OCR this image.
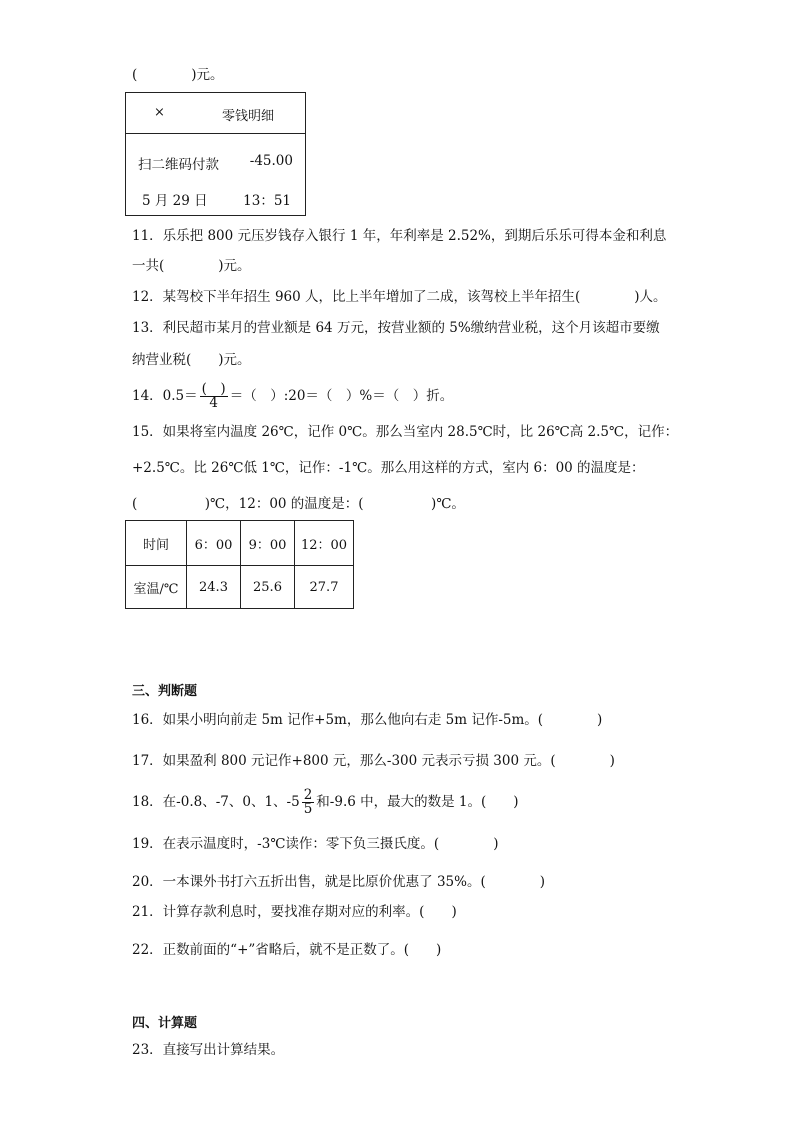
(　　　　)元。
×	零钱明细
扫二维码付款 -45.00
5 月 29 日	13：51
11．乐乐把 800 元压岁钱存入银行 1 年，年利率是 2.52%，到期后乐乐可得本金和利息
一共(　　　　)元。
12．某驾校下半年招生 960 人，比上半年增加了二成，该驾校上半年招生(　　　　)人。
13．利民超市某月的营业额是 64 万元，按营业额的 5%缴纳营业税，这个月该超市要缴
纳营业税(　　)元。
14．$0.5= \frac{( )}{4}$ ＝（　）:20＝（　）%＝（　）折。
15．如果将室内温度 26℃，记作 0℃。那么当室内 28.5℃时，比 26℃高 2.5℃，记作：
+2.5℃。比 26℃低 1℃，记作：-1℃。那么用这样的方式，室内 6：00 的温度是：
(　　　　　)℃，12：00 的温度是：(　　　　　)℃。
时间	6：00	9：00	12：00
室温/℃	24.3	25.6	27.7
三、判断题
16．如果小明向前走 5m 记作+5m，那么他向右走 5m 记作-5m。(　　　　)
17．如果盈利 800 元记作+800 元，那么-300 元表示亏损 300 元。(　　　　)
18．在-0.8、-7、0、1、$-5 \frac{2}{5}$ 和-9.6 中，最大的数是 1。(　　)
19．在表示温度时，-3℃读作：零下负三摄氏度。(　　　　)
20．一本课外书打六五折出售，就是比原价优惠了 35%。(　　　　)
21．计算存款利息时，要找准存期对应的利率。(　　)
22．正数前面的“+”省略后，就不是正数了。(　　)
四、计算题
23．直接写出计算结果。
